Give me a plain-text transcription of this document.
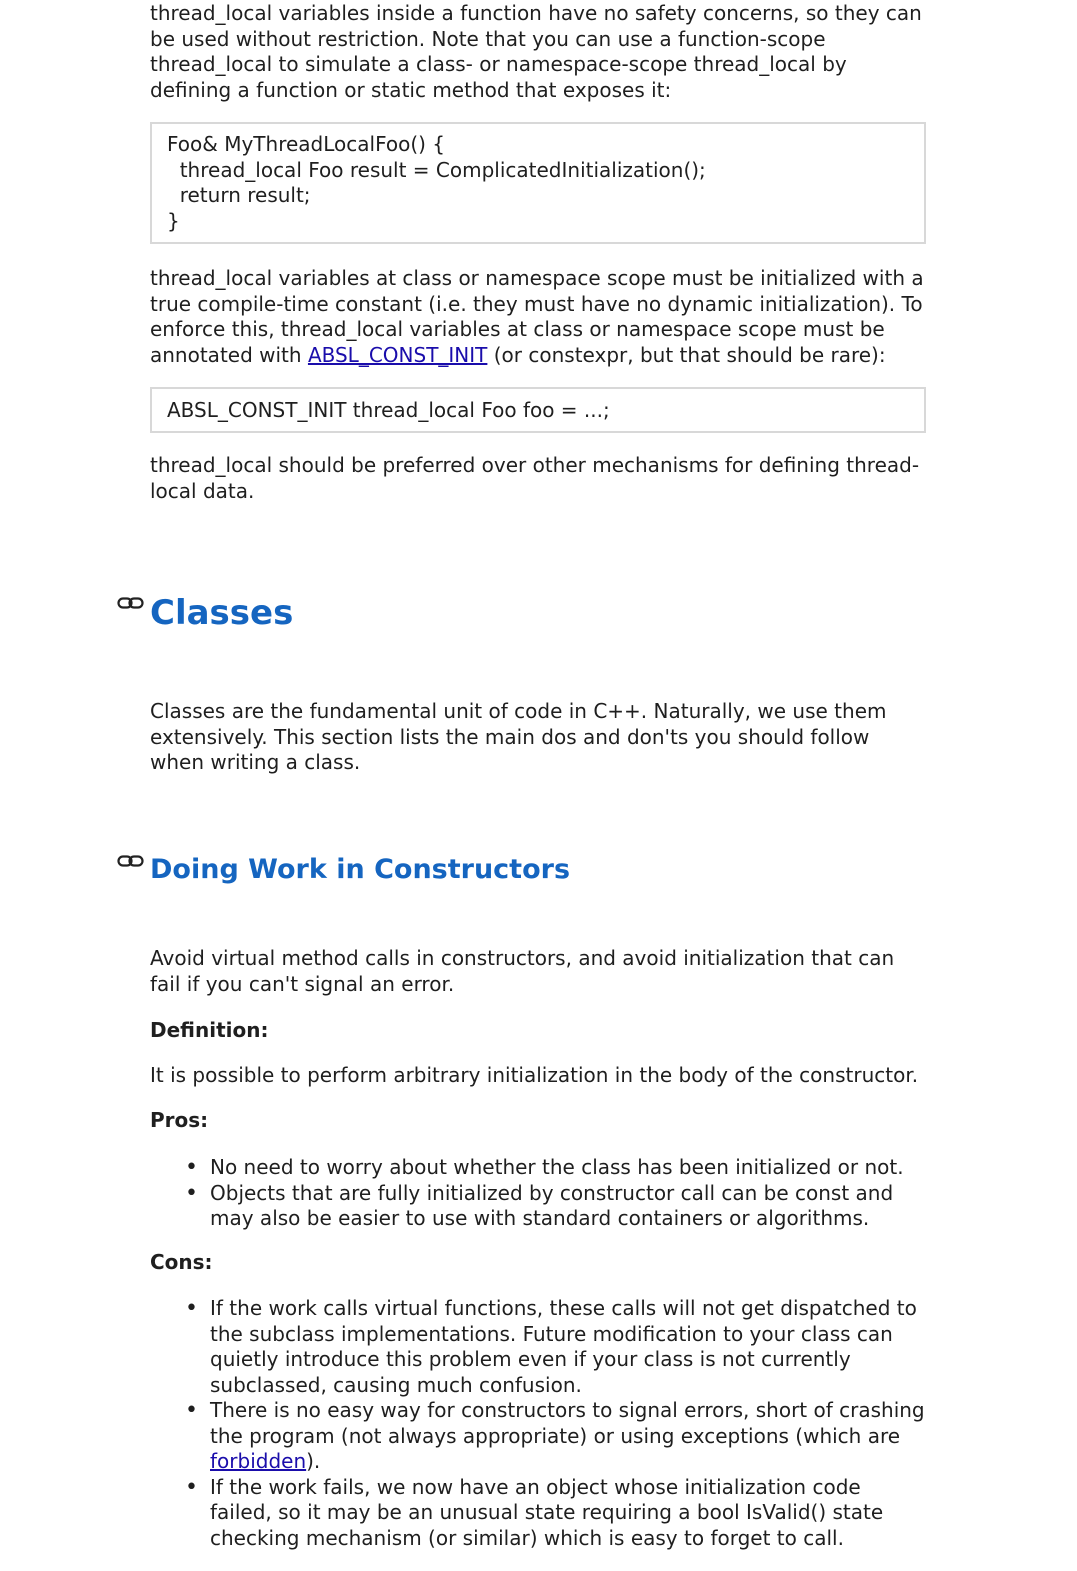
thread_local variables inside a function have no safety concerns, so they can be used without restriction. Note that you can use a function-scope thread_local to simulate a class- or namespace-scope thread_local by defining a function or static method that exposes it:

Foo& MyThreadLocalFoo() {
thread_local Foo result = ComplicatedInitialization();
return result;
}

thread_local variables at class or namespace scope must be initialized with a true compile-time constant (i.e. they must have no dynamic initialization). To enforce this, thread_local variables at class or namespace scope must be annotated with ABSL_CONST_INIT (or constexpr, but that should be rare):

ABSL_CONST_INIT thread_local Foo foo = ...;

thread_local should be preferred over other mechanisms for defining thread-local data.

Classes

Classes are the fundamental unit of code in C++. Naturally, we use them extensively. This section lists the main dos and don'ts you should follow when writing a class.

Doing Work in Constructors

Avoid virtual method calls in constructors, and avoid initialization that can fail if you can't signal an error.

Definition:

It is possible to perform arbitrary initialization in the body of the constructor.

Pros:
• No need to worry about whether the class has been initialized or not.
• Objects that are fully initialized by constructor call can be const and may also be easier to use with standard containers or algorithms.
Cons:
• If the work calls virtual functions, these calls will not get dispatched to the subclass implementations. Future modification to your class can quietly introduce this problem even if your class is not currently subclassed, causing much confusion.
• There is no easy way for constructors to signal errors, short of crashing the program (not always appropriate) or using exceptions (which are forbidden).
• If the work fails, we now have an object whose initialization code failed, so it may be an unusual state requiring a bool IsValid() state checking mechanism (or similar) which is easy to forget to call.
